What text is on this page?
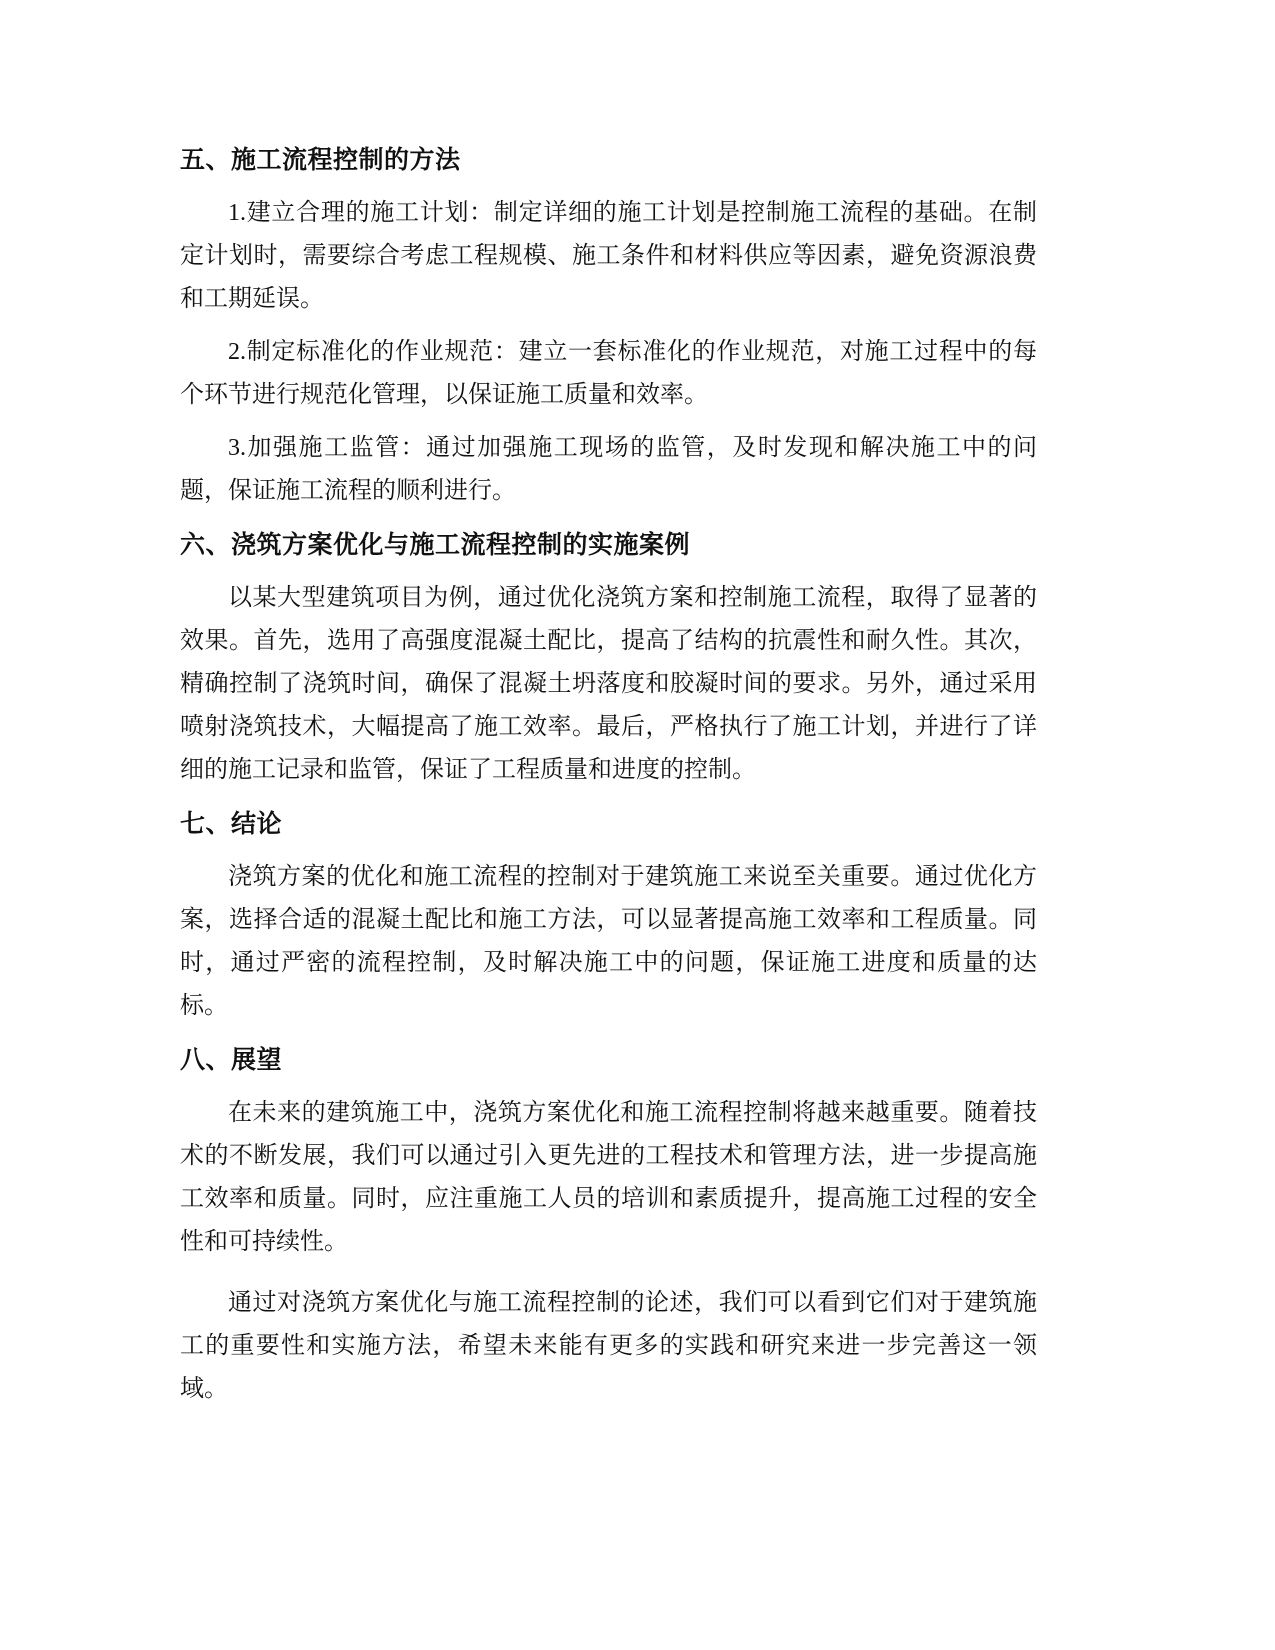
五、施工流程控制的方法

1.建立合理的施工计划：制定详细的施工计划是控制施工流程的基础。在制定计划时，需要综合考虑工程规模、施工条件和材料供应等因素，避免资源浪费和工期延误。

2.制定标准化的作业规范：建立一套标准化的作业规范，对施工过程中的每个环节进行规范化管理，以保证施工质量和效率。

3.加强施工监管：通过加强施工现场的监管，及时发现和解决施工中的问题，保证施工流程的顺利进行。

六、浇筑方案优化与施工流程控制的实施案例

以某大型建筑项目为例，通过优化浇筑方案和控制施工流程，取得了显著的效果。首先，选用了高强度混凝土配比，提高了结构的抗震性和耐久性。其次，精确控制了浇筑时间，确保了混凝土坍落度和胶凝时间的要求。另外，通过采用喷射浇筑技术，大幅提高了施工效率。最后，严格执行了施工计划，并进行了详细的施工记录和监管，保证了工程质量和进度的控制。

七、结论

浇筑方案的优化和施工流程的控制对于建筑施工来说至关重要。通过优化方案，选择合适的混凝土配比和施工方法，可以显著提高施工效率和工程质量。同时，通过严密的流程控制，及时解决施工中的问题，保证施工进度和质量的达标。

八、展望

在未来的建筑施工中，浇筑方案优化和施工流程控制将越来越重要。随着技术的不断发展，我们可以通过引入更先进的工程技术和管理方法，进一步提高施工效率和质量。同时，应注重施工人员的培训和素质提升，提高施工过程的安全性和可持续性。

通过对浇筑方案优化与施工流程控制的论述，我们可以看到它们对于建筑施工的重要性和实施方法，希望未来能有更多的实践和研究来进一步完善这一领域。
